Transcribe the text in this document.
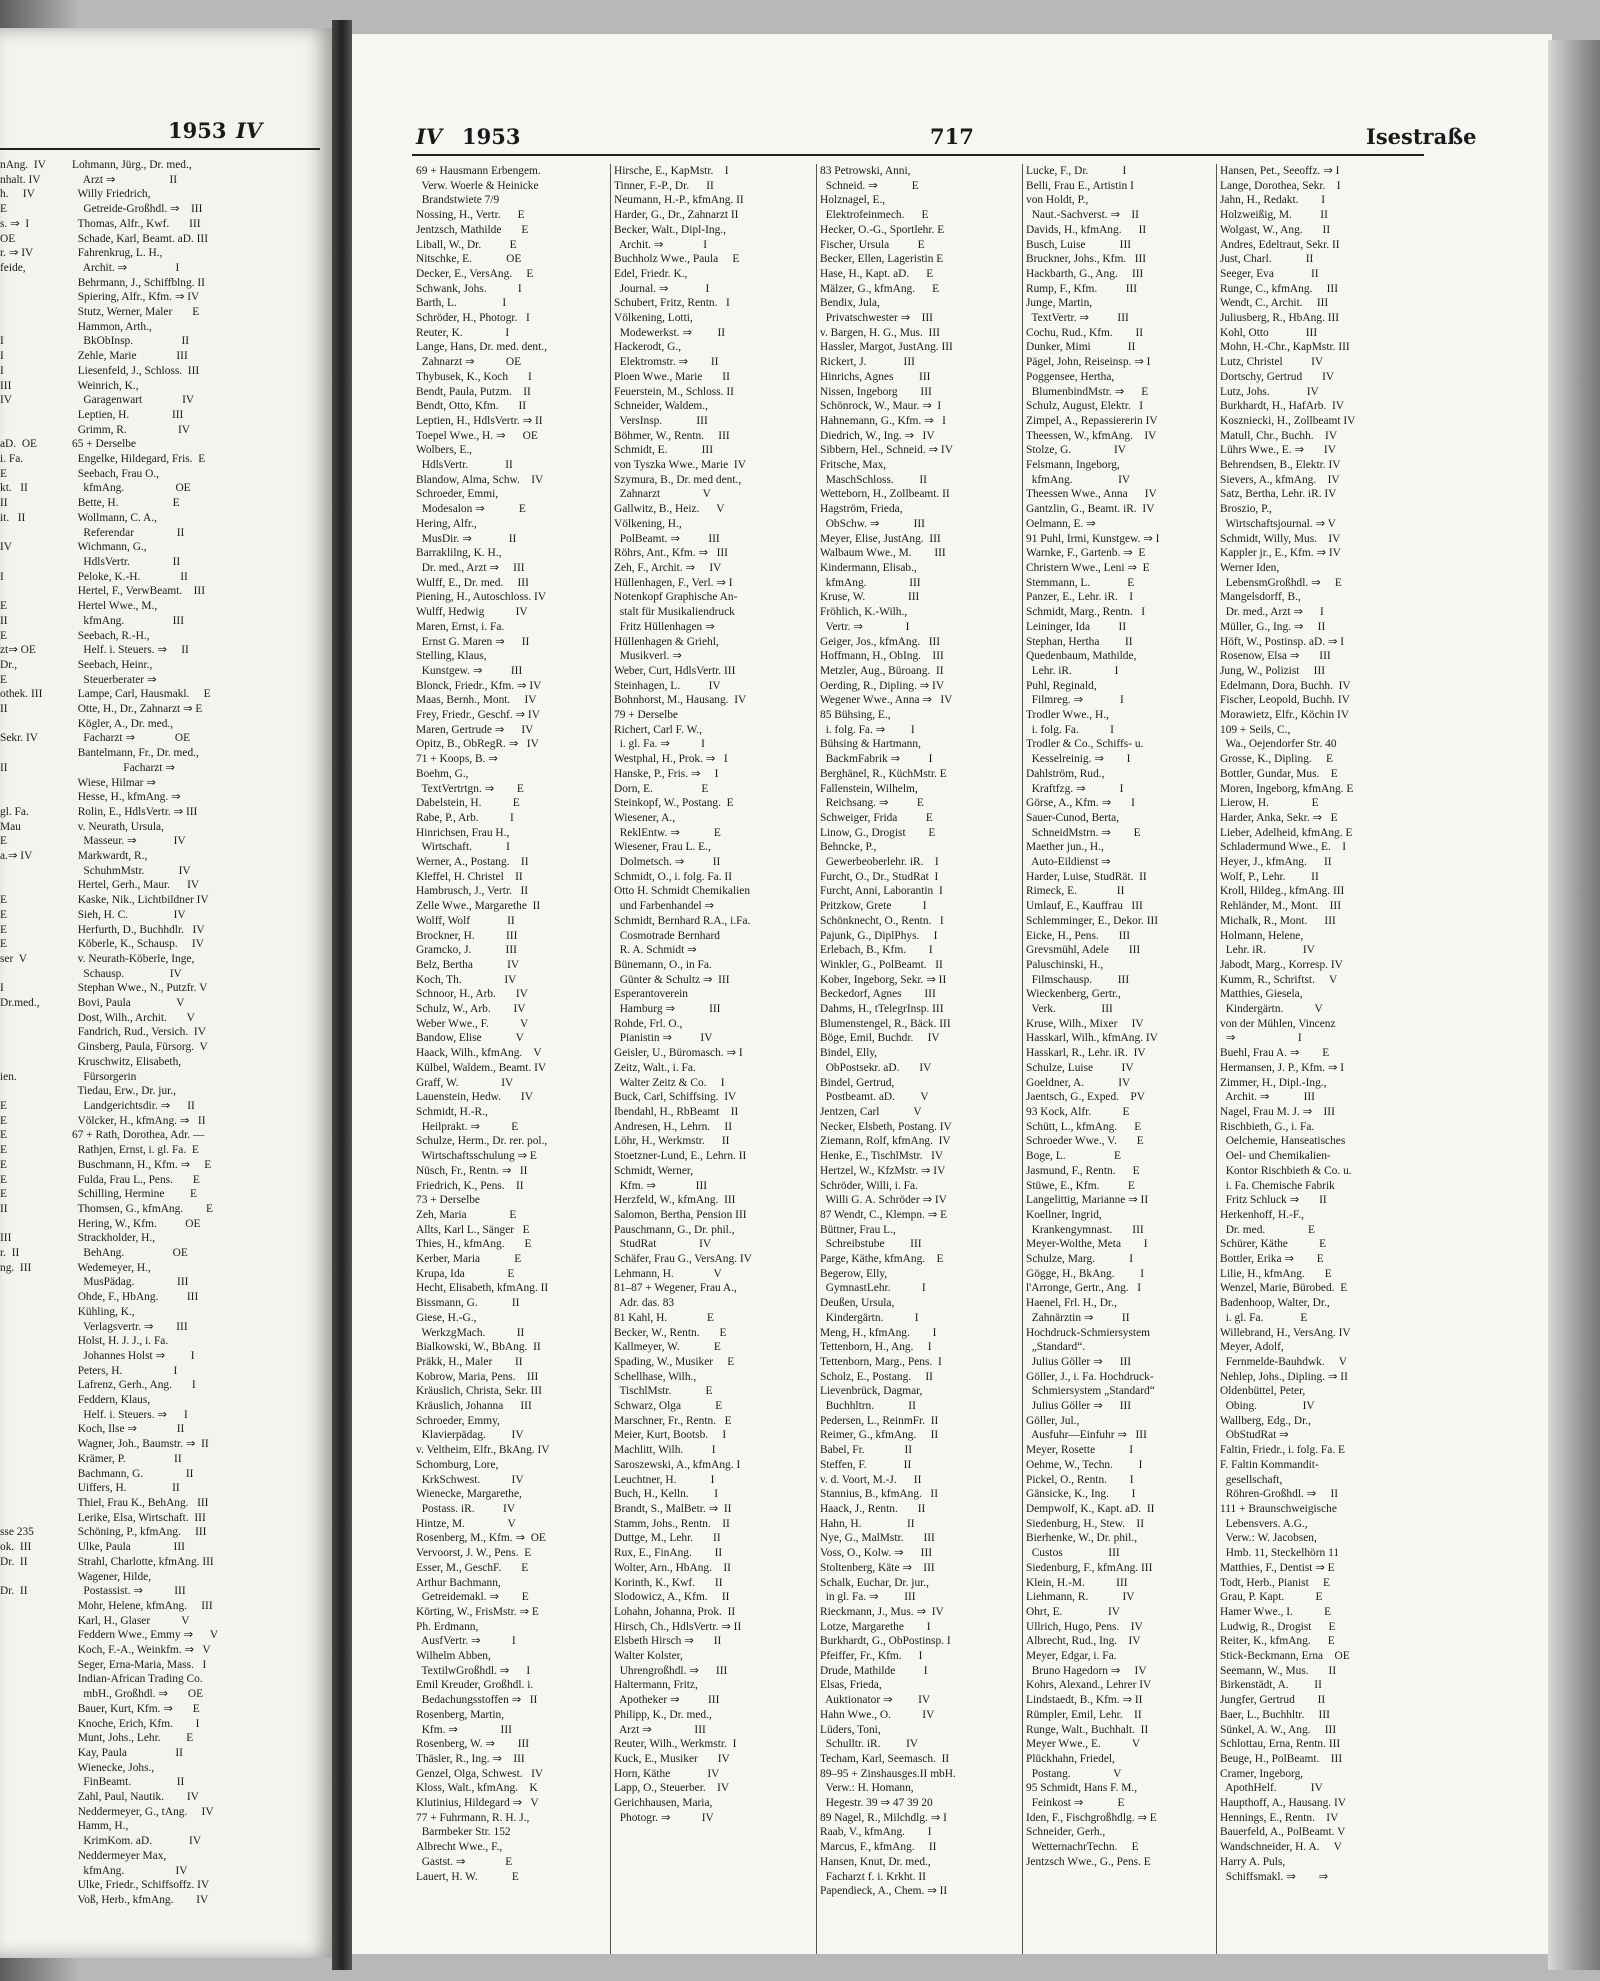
1953 IV
nAng.  IV
nhalt. IV
h.     IV
E
s. ⇒  I
OE
r. ⇒ IV
feide,

I
I
I
III
IV

aD.  OE
i. Fa.
E
kt.   II
II
it.   II

IV

I

E
II
E
zt⇒ OE
Dr.,
E
othek. III
II

Sekr. IV

II

gl. Fa.
Mau
E
a.⇒ IV

E
E
E
E
ser  V

I
Dr.med.,

ien.

E
E
E
E
E
E
E
II

III
r.  II
ng.  III

sse 235
ok.  III
Dr.  II

Dr.  II

Lohmann, Jürg., Dr. med.,
Arzt ⇒                   II
Willy Friedrich,
Getreide-Großhdl. ⇒    III
Thomas, Alfr., Kwf.       III
Schade, Karl, Beamt. aD. III
Fahrenkrug, L. H.,
Archit. ⇒                 I
Behrmann, J., Schiffblng. II
Spiering, Alfr., Kfm. ⇒ IV
Stutz, Werner, Maler       E
Hammon, Arth.,
BkObInsp.                 II
Zehle, Marie              III
Liesenfeld, J., Schloss.  III
Weinrich, K.,
Garagenwart              IV
Leptien, H.               III
Grimm, R.                  IV
65 + Derselbe
Engelke, Hildegard, Fris.  E
Seebach, Frau O.,
kfmAng.                  OE
Bette, H.                   E
Wollmann, C. A.,
Referendar               II
Wichmann, G.,
HdlsVertr.               II
Peloke, K.-H.              II
Hertel, F., VerwBeamt.    III
Hertel Wwe., M.,
kfmAng.                 III
Seebach, R.-H.,
Helf. i. Steuers. ⇒     II
Seebach, Heinr.,
Steuerberater ⇒
Lampe, Carl, Hausmakl.     E
Otte, H., Dr., Zahnarzt ⇒ E
Kögler, A., Dr. med.,
Facharzt ⇒              OE
Bantelmann, Fr., Dr. med.,
Facharzt ⇒
Wiese, Hilmar ⇒
Hesse, H., kfmAng. ⇒
Rolin, E., HdlsVertr. ⇒ III
v. Neurath, Ursula,
Masseur. ⇒             IV
Markwardt, R.,
SchuhmMstr.            IV
Hertel, Gerh., Maur.      IV
Kaske, Nik., Lichtbildner IV
Sieh, H. C.                IV
Herfurth, D., Buchhdlr.   IV
Köberle, K., Schausp.     IV
v. Neurath-Köberle, Inge,
Schausp.                IV
Stephan Wwe., N., Putzfr. V
Bovi, Paula                V
Dost, Wilh., Archit.       V
Fandrich, Rud., Versich.  IV
Ginsberg, Paula, Fürsorg.  V
Kruschwitz, Elisabeth,
Fürsorgerin
Tiedau, Erw., Dr. jur.,
Landgerichtsdir. ⇒      II
Völcker, H., kfmAng. ⇒   II
67 + Rath, Dorothea, Adr. —
Rathjen, Ernst, i. gl. Fa.  E
Buschmann, H., Kfm. ⇒     E
Fulda, Frau L., Pens.       E
Schilling, Hermine         E
Thomsen, G., kfmAng.        E
Hering, W., Kfm.          OE
Strackholder, H.,
BehAng.                 OE
Wedemeyer, H.,
MusPädag.               III
Ohde, F., HbAng.          III
Kühling, K.,
Verlagsvertr. ⇒        III
Holst, H. J. J., i. Fa.
Johannes Holst ⇒         I
Peters, H.                  I
Lafrenz, Gerh., Ang.       I
Feddern, Klaus,
Helf. i. Steuers. ⇒      I
Koch, Ilse ⇒              II
Wagner, Joh., Baumstr. ⇒  II
Krämer, P.                 II
Bachmann, G.               II
Uiffers, H.                II
Thiel, Frau K., BehAng.   III
Lerike, Elsa, Wirtschaft.  III
Schöning, P., kfmAng.     III
Ulke, Paula               III
Strahl, Charlotte, kfmAng. III
Wagener, Hilde,
Postassist. ⇒           III
Mohr, Helene, kfmAng.     III
Karl, H., Glaser           V
Feddern Wwe., Emmy ⇒      V
Koch, F.-A., Weinkfm. ⇒   V
Seger, Erna-Maria, Mass.   I
Indian-African Trading Co.
mbH., Großhdl. ⇒       OE
Bauer, Kurt, Kfm. ⇒       E
Knoche, Erich, Kfm.        I
Munt, Johs., Lehr.         E
Kay, Paula                 II
Wienecke, Johs.,
FinBeamt.                II
Zahl, Paul, Nautik.        IV
Neddermeyer, G., tAng.     IV
Hamm, H.,
KrimKom. aD.             IV
Neddermeyer Max,
kfmAng.                  IV
Ulke, Friedr., Schiffsoffz. IV
Voß, Herb., kfmAng.        IV
IV 1953	717	Isestraße
69 + Hausmann Erbengem.
Verw. Woerle & Heinicke
Brandstwiete 7/9
Nossing, H., Vertr.      E
Jentzsch, Mathilde       E
Liball, W., Dr.          E
Nitschke, E.            OE
Decker, E., VersAng.     E
Schwank, Johs.           I
Barth, L.                I
Schröder, H., Photogr.   I
Reuter, K.               I
Lange, Hans, Dr. med. dent.,
Zahnarzt ⇒           OE
Thybusek, K., Koch       I
Bendt, Paula, Putzm.    II
Bendt, Otto, Kfm.       II
Leptien, H., HdlsVertr. ⇒ II
Toepel Wwe., H. ⇒      OE
Wolbers, E.,
HdlsVertr.             II
Blandow, Alma, Schw.    IV
Schroeder, Emmi,
Modesalon ⇒            E
Hering, Alfr.,
MusDir. ⇒             II
Barraklilng, K. H.,
Dr. med., Arzt ⇒     III
Wulff, E., Dr. med.     III
Piening, H., Autoschloss. IV
Wulff, Hedwig           IV
Maren, Ernst, i. Fa.
Ernst G. Maren ⇒      II
Stelling, Klaus,
Kunstgew. ⇒          III
Blonck, Friedr., Kfm. ⇒ IV
Maas, Bernh., Mont.     IV
Frey, Friedr., Geschf. ⇒ IV
Maren, Gertrude ⇒      IV
Opitz, B., ObRegR. ⇒   IV
71 + Koops, B. ⇒
Boehm, G.,
TextVertrtgn. ⇒        E
Dabelstein, H.           E
Rabe, P., Arb.           I
Hinrichsen, Frau H.,
Wirtschaft.            I
Werner, A., Postang.    II
Kleffel, H. Christel    II
Hambrusch, J., Vertr.   II
Zelle Wwe., Margarethe  II
Wolff, Wolf             II
Brockner, H.           III
Gramcko, J.            III
Belz, Bertha            IV
Koch, Th.               IV
Schnoor, H., Arb.       IV
Schulz, W., Arb.        IV
Weber Wwe., F.           V
Bandow, Elise            V
Haack, Wilh., kfmAng.    V
Külbel, Waldem., Beamt. IV
Graff, W.               IV
Lauenstein, Hedw.       IV
Schmidt, H.-R.,
Heilprakt. ⇒           E
Schulze, Herm., Dr. rer. pol.,
Wirtschaftsschulung ⇒ E
Nüsch, Fr., Rentn. ⇒   II
Friedrich, K., Pens.    II
73 + Derselbe
Zeh, Maria               E
Allts, Karl L., Sänger   E
Thies, H., kfmAng.       E
Kerber, Maria            E
Krupa, Ida               E
Hecht, Elisabeth, kfmAng. II
Bissmann, G.            II
Giese, H.-G.,
WerkzgMach.           II
Bialkowski, W., BbAng.  II
Präkk, H., Maler        II
Kobrow, Maria, Pens.    III
Kräuslich, Christa, Sekr. III
Kräuslich, Johanna      III
Schroeder, Emmy,
Klavierpädag.         IV
v. Veltheim, Elfr., BkAng. IV
Schomburg, Lore,
KrkSchwest.           IV
Wienecke, Margarethe,
Postass. iR.          IV
Hintze, M.               V
Rosenberg, M., Kfm. ⇒  OE
Vervoorst, J. W., Pens.  E
Esser, M., GeschF.       E
Arthur Bachmann,
Getreidemakl. ⇒        E
Körting, W., FrisMstr. ⇒ E
Ph. Erdmann,
AusfVertr. ⇒           I
Wilhelm Abben,
TextilwGroßhdl. ⇒      I
Emil Kreuder, Großhdl. i.
Bedachungsstoffen ⇒   II
Rosenberg, Martin,
Kfm. ⇒               III
Rosenberg, W. ⇒        III
Thäsler, R., Ing. ⇒    III
Genzel, Olga, Schwest.   IV
Kloss, Walt., kfmAng.    K
Klutinius, Hildegard ⇒   V
77 + Fuhrmann, R. H. J.,
Barmbeker Str. 152
Albrecht Wwe., F.,
Gastst. ⇒              E
Lauert, H. W.            E
Hirsche, E., KapMstr.    I
Tinner, F.-P., Dr.      II
Neumann, H.-P., kfmAng. II
Harder, G., Dr., Zahnarzt II
Becker, Walt., Dipl-Ing.,
Archit. ⇒              I
Buchholz Wwe., Paula     E
Edel, Friedr. K.,
Journal. ⇒             I
Schubert, Fritz, Rentn.   I
Völkening, Lotti,
Modewerkst. ⇒         II
Hackerodt, G.,
Elektromstr. ⇒        II
Ploen Wwe., Marie       II
Feuerstein, M., Schloss. II
Schneider, Waldem.,
VersInsp.            III
Böhmer, W., Rentn.     III
Schmidt, E.            III
von Tyszka Wwe., Marie  IV
Szymura, B., Dr. med dent.,
Zahnarzt               V
Gallwitz, B., Heiz.      V
Völkening, H.,
PolBeamt. ⇒          III
Röhrs, Ant., Kfm. ⇒   III
Zeh, F., Archit. ⇒     IV
Hüllenhagen, F., Verl. ⇒ I
Notenkopf Graphische An-
stalt für Musikaliendruck
Fritz Hüllenhagen ⇒
Hüllenhagen & Griehl,
Musikverl. ⇒
Weber, Curt, HdlsVertr. III
Steinhagen, L.          IV
Bohnhorst, M., Hausang.  IV
79 + Derselbe
Richert, Carl F. W.,
i. gl. Fa. ⇒           I
Westphal, H., Prok. ⇒   I
Hanske, P., Fris. ⇒     I
Dorn, E.                 E
Steinkopf, W., Postang.  E
Wiesener, A.,
ReklEntw. ⇒            E
Wiesener, Frau L. E.,
Dolmetsch. ⇒          II
Schmidt, O., i. folg. Fa. II
Otto H. Schmidt Chemikalien
und Farbenhandel ⇒
Schmidt, Bernhard R.A., i.Fa.
Cosmotrade Bernhard
R. A. Schmidt ⇒
Bünemann, O., in Fa.
Günter & Schultz ⇒  III
Esperantoverein
Hamburg ⇒            III
Rohde, Frl. O.,
Pianistin ⇒          IV
Geisler, U., Büromasch. ⇒ I
Zeitz, Walt., i. Fa.
Walter Zeitz & Co.     I
Buck, Carl, Schiffsing.  IV
Ibendahl, H., RbBeamt    II
Andresen, H., Lehrn.     II
Löhr, H., Werkmstr.      II
Stoetzner-Lund, E., Lehrn. II
Schmidt, Werner,
Kfm. ⇒              III
Herzfeld, W., kfmAng.  III
Salomon, Bertha, Pension III
Pauschmann, G., Dr. phil.,
StudRat               IV
Schäfer, Frau G., VersAng. IV
Lehmann, H.              V
81–87 + Wegener, Frau A.,
Adr. das. 83
81 Kahl, H.              E
Becker, W., Rentn.       E
Kallmeyer, W.            E
Spading, W., Musiker     E
Schellhase, Wilh.,
TischlMstr.            E
Schwarz, Olga            E
Marschner, Fr., Rentn.   E
Meier, Kurt, Bootsb.     I
Machlitt, Wilh.          I
Saroszewski, A., kfmAng. I
Leuchtner, H.            I
Buch, H., Kelln.         I
Brandt, S., MalBetr. ⇒  II
Stamm, Johs., Rentn.    II
Duttge, M., Lehr.       II
Rux, E., FinAng.        II
Wolter, Arn., HbAng.    II
Korinth, K., Kwf.       II
Slodowicz, A., Kfm.     II
Lohahn, Johanna, Prok.  II
Hirsch, Ch., HdlsVertr. ⇒ II
Elsbeth Hirsch ⇒       II
Walter Kolster,
Uhrengroßhdl. ⇒      III
Haltermann, Fritz,
Apotheker ⇒          III
Philipp, K., Dr. med.,
Arzt ⇒               III
Reuter, Wilh., Werkmstr.  I
Kuck, E., Musiker       IV
Horn, Käthe             IV
Lapp, O., Steuerber.    IV
Gerichhausen, Maria,
Photogr. ⇒           IV
83 Petrowski, Anni,
Schneid. ⇒            E
Holznagel, E.,
Elektrofeinmech.      E
Hecker, O.-G., Sportlehr. E
Fischer, Ursula          E
Becker, Ellen, Lageristin E
Hase, H., Kapt. aD.      E
Mälzer, G., kfmAng.      E
Bendix, Jula,
Privatschwester ⇒    III
v. Bargen, H. G., Mus.  III
Hassler, Margot, JustAng. III
Rickert, J.             III
Hinrichs, Agnes         III
Nissen, Ingeborg        III
Schönrock, W., Maur. ⇒  I
Hahnemann, G., Kfm. ⇒   I
Diedrich, W., Ing. ⇒   IV
Sibbern, Hel., Schneid. ⇒ IV
Fritsche, Max,
MaschSchloss.         II
Wetteborn, H., Zollbeamt. II
Hagström, Frieda,
ObSchw. ⇒            III
Meyer, Elise, JustAng.  III
Walbaum Wwe., M.        III
Kindermann, Elisab.,
kfmAng.               III
Kruse, W.               III
Fröhlich, K.-Wilh.,
Vertr. ⇒               I
Geiger, Jos., kfmAng.   III
Hoffmann, H., ObIng.    III
Metzler, Aug., Büroang.  II
Oerding, R., Dipling. ⇒ IV
Wegener Wwe., Anna ⇒   IV
85 Bühsing, E.,
i. folg. Fa. ⇒         I
Bühsing & Hartmann,
BackmFabrik ⇒          I
Berghänel, R., KüchMstr. E
Fallenstein, Wilhelm,
Reichsang. ⇒          E
Schweiger, Frida          E
Linow, G., Drogist        E
Behncke, P.,
Gewerbeoberlehr. iR.    I
Furcht, O., Dr., StudRat  I
Furcht, Anni, Laborantin  I
Pritzkow, Grete           I
Schönknecht, O., Rentn.   I
Pajunk, G., DiplPhys.     I
Erlebach, B., Kfm.        I
Winkler, G., PolBeamt.   II
Kober, Ingeborg, Sekr. ⇒ II
Beckedorf, Agnes        III
Dahms, H., tTelegrInsp. III
Blumenstengel, R., Bäck. III
Böge, Emil, Buchdr.     IV
Bindel, Elly,
ObPostsekr. aD.       IV
Bindel, Gertrud,
Postbeamt. aD.         V
Jentzen, Carl            V
Necker, Elsbeth, Postang. IV
Ziemann, Rolf, kfmAng.  IV
Henke, E., TischlMstr.   IV
Hertzel, W., KfzMstr. ⇒ IV
Schröder, Willi, i. Fa.
Willi G. A. Schröder ⇒ IV
87 Wendt, C., Klempn. ⇒ E
Büttner, Frau L.,
Schreibstube         III
Parge, Käthe, kfmAng.    E
Begerow, Elly,
GymnastLehr.           I
Deußen, Ursula,
Kindergärtn.           I
Meng, H., kfmAng.        I
Tettenborn, H., Ang.     I
Tettenborn, Marg., Pens.  I
Scholz, E., Postang.     II
Lievenbrück, Dagmar,
Buchhltrn.            II
Pedersen, L., ReinmFr.  II
Reimer, G., kfmAng.     II
Babel, Fr.              II
Steffen, F.             II
v. d. Voort, M.-J.      II
Stannius, B., kfmAng.   II
Haack, J., Rentn.       II
Hahn, H.                II
Nye, G., MalMstr.       III
Voss, O., Kolw. ⇒      III
Stoltenberg, Käte ⇒    III
Schalk, Euchar, Dr. jur.,
in gl. Fa. ⇒         III
Rieckmann, J., Mus. ⇒  IV
Lotze, Margarethe        I
Burkhardt, G., ObPostinsp. I
Pfeiffer, Fr., Kfm.      I
Drude, Mathilde          I
Elsas, Frieda,
Auktionator ⇒         IV
Hahn Wwe., O.           IV
Lüders, Toni,
Schulltr. iR.         IV
Techam, Karl, Seemasch.  II
89–95 + Zinshausges.II mbH.
Verw.: H. Homann,
Hegestr. 39 ⇒ 47 39 20
89 Nagel, R., Milchdlg. ⇒ I
Raab, V., kfmAng.        I
Marcus, F., kfmAng.     II
Hansen, Knut, Dr. med.,
Facharzt f. i. Krkht. II
Papendieck, A., Chem. ⇒ II
Lucke, F., Dr.            I
Belli, Frau E., Artistin I
von Holdt, P.,
Naut.-Sachverst. ⇒    II
Davids, H., kfmAng.      II
Busch, Luise            III
Bruckner, Johs., Kfm.   III
Hackbarth, G., Ang.     III
Rump, F., Kfm.          III
Junge, Martin,
TextVertr. ⇒          III
Cochu, Rud., Kfm.        II
Dunker, Mimi             II
Pägel, John, Reiseinsp. ⇒ I
Poggensee, Hertha,
BlumenbindMstr. ⇒      E
Schulz, August, Elektr.   I
Zimpel, A., Repassiererin IV
Theessen, W., kfmAng.    IV
Stolze, G.               IV
Felsmann, Ingeborg,
kfmAng.                IV
Theessen Wwe., Anna      IV
Gantzlin, G., Beamt. iR.  IV
Oelmann, E. ⇒
91 Puhl, Irmi, Kunstgew. ⇒ I
Warnke, F., Gartenb. ⇒  E
Christern Wwe., Leni ⇒  E
Stemmann, L.             E
Panzer, E., Lehr. iR.    I
Schmidt, Marg., Rentn.   I
Leininger, Ida          II
Stephan, Hertha         II
Quedenbaum, Mathilde,
Lehr. iR.               I
Puhl, Reginald,
Filmreg. ⇒             I
Trodler Wwe., H.,
i. folg. Fa.           I
Trodler & Co., Schiffs- u.
Kesselreinig. ⇒        I
Dahlström, Rud.,
Kraftfzg. ⇒            I
Görse, A., Kfm. ⇒       I
Sauer-Cunod, Berta,
SchneidMstrn. ⇒        E
Maether jun., H.,
Auto-Eildienst ⇒
Harder, Luise, StudRät.  II
Rimeck, E.              II
Umlauf, E., Kauffrau   III
Schlemminger, E., Dekor. III
Eicke, H., Pens.       III
Grevsmühl, Adele       III
Paluschinski, H.,
Filmschausp.         III
Wieckenberg, Gertr.,
Verk.                III
Kruse, Wilh., Mixer     IV
Hasskarl, Wilh., kfmAng. IV
Hasskarl, R., Lehr. iR.  IV
Schulze, Luise          IV
Goeldner, A.            IV
Jaentsch, G., Exped.    PV
93 Kock, Alfr.           E
Schütt, L., kfmAng.      E
Schroeder Wwe., V.       E
Boge, L.                 E
Jasmund, F., Rentn.      E
Stüwe, E., Kfm.          E
Langelittig, Marianne ⇒ II
Koellner, Ingrid,
Krankengymnast.       III
Meyer-Wolthe, Meta        I
Schulze, Marg.            I
Gögge, H., BkAng.         I
l'Arronge, Gertr., Ang.   I
Haenel, Frl. H., Dr.,
Zahnärztin ⇒          II
Hochdruck-Schmiersystem
„Standard“.
Julius Göller ⇒      III
Göller, J., i. Fa. Hochdruck-
Schmiersystem „Standard“
Julius Göller ⇒      III
Göller, Jul.,
Ausfuhr—Einfuhr ⇒   III
Meyer, Rosette            I
Oehme, W., Techn.         I
Pickel, O., Rentn.        I
Gänsicke, K., Ing.        I
Dempwolf, K., Kapt. aD.  II
Siedenburg, H., Stew.    II
Bierhenke, W., Dr. phil.,
Custos                III
Siedenburg, F., kfmAng. III
Klein, H.-M.           III
Liehmann, R.            IV
Ohrt, E.                IV
Ullrich, Hugo, Pens.    IV
Albrecht, Rud., Ing.    IV
Meyer, Edgar, i. Fa.
Bruno Hagedorn ⇒     IV
Kohrs, Alexand., Lehrer IV
Lindstaedt, B., Kfm. ⇒ II
Rümpler, Emil, Lehr.    II
Runge, Walt., Buchhalt.  II
Meyer Wwe., E.           V
Plückhahn, Friedel,
Postang.               V
95 Schmidt, Hans F. M.,
Feinkost ⇒            E
Iden, F., Fischgroßhdlg. ⇒ E
Schneider, Gerh.,
WetternachrTechn.     E
Jentzsch Wwe., G., Pens. E
Hansen, Pet., Seeoffz. ⇒ I
Lange, Dorothea, Sekr.    I
Jahn, H., Redakt.        I
Holzweißig, M.          II
Wolgast, W., Ang.       II
Andres, Edeltraut, Sekr. II
Just, Charl.            II
Seeger, Eva             II
Runge, C., kfmAng.     III
Wendt, C., Archit.     III
Juliusberg, R., HbAng. III
Kohl, Otto             III
Mohn, H.-Chr., KapMstr. III
Lutz, Christel          IV
Dortschy, Gertrud       IV
Lutz, Johs.             IV
Burkhardt, H., HafArb.  IV
Koszniecki, H., Zollbeamt IV
Matull, Chr., Buchh.    IV
Lührs Wwe., E. ⇒       IV
Behrendsen, B., Elektr. IV
Sievers, A., kfmAng.    IV
Satz, Bertha, Lehr. iR. IV
Broszio, P.,
Wirtschaftsjournal. ⇒ V
Schmidt, Willy, Mus.    IV
Kappler jr., E., Kfm. ⇒ IV
Werner Iden,
LebensmGroßhdl. ⇒     E
Mangelsdorff, B.,
Dr. med., Arzt ⇒      I
Müller, G., Ing. ⇒     II
Höft, W., Postinsp. aD. ⇒ I
Rosenow, Elsa ⇒       III
Jung, W., Polizist     III
Edelmann, Dora, Buchh.  IV
Fischer, Leopold, Buchh. IV
Morawietz, Elfr., Köchin IV
109 + Seils, C.,
Wa., Oejendorfer Str. 40
Grosse, K., Dipling.     E
Bottler, Gundar, Mus.    E
Moren, Ingeborg, kfmAng. E
Lierow, H.               E
Harder, Anka, Sekr. ⇒   E
Lieber, Adelheid, kfmAng. E
Schladermund Wwe., E.    I
Heyer, J., kfmAng.      II
Wolf, P., Lehr.         II
Kroll, Hildeg., kfmAng. III
Rehländer, M., Mont.    III
Michalk, R., Mont.      III
Holmann, Helene,
Lehr. iR.             IV
Jabodt, Marg., Korresp. IV
Kumm, R., Schriftst.     V
Matthies, Giesela,
Kindergärtn.           V
von der Mühlen, Vincenz
⇒                      I
Buehl, Frau A. ⇒        E
Hermansen, J. P., Kfm. ⇒ I
Zimmer, H., Dipl.-Ing.,
Archit. ⇒            III
Nagel, Frau M. J. ⇒    III
Rischbieth, G., i. Fa.
Oelchemie, Hanseatisches
Oel- und Chemikalien-
Kontor Rischbieth & Co. u.
i. Fa. Chemische Fabrik
Fritz Schluck ⇒       II
Herkenhoff, H.-F.,
Dr. med.               E
Schürer, Käthe           E
Bottler, Erika ⇒        E
Lilie, H., kfmAng.       E
Wenzel, Marie, Bürobed.  E
Badenhoop, Walter, Dr.,
i. gl. Fa.             E
Willebrand, H., VersAng. IV
Meyer, Adolf,
Fernmelde-Bauhdwk.     V
Nehlep, Johs., Dipling. ⇒ II
Oldenbüttel, Peter,
Obing.                IV
Wallberg, Edg., Dr.,
ObStudRat ⇒
Faltin, Friedr., i. folg. Fa. E
F. Faltin Kommandit-
gesellschaft,
Röhren-Großhdl. ⇒     II
111 + Braunschweigische
Lebensvers. A.G.,
Verw.: W. Jacobsen,
Hmb. 11, Steckelhörn 11
Matthies, F., Dentist ⇒ E
Todt, Herb., Pianist     E
Grau, P. Kapt.           E
Hamer Wwe., I.           E
Ludwig, R., Drogist      E
Reiter, K., kfmAng.      E
Stick-Beckmann, Erna    OE
Seemann, W., Mus.       II
Birkenstädt, A.         II
Jungfer, Gertrud        II
Baer, L., Buchhltr.     III
Sünkel, A. W., Ang.     III
Schlottau, Erna, Rentn. III
Beuge, H., PolBeamt.    III
Cramer, Ingeborg,
ApothHelf.            IV
Haupthoff, A., Hausang. IV
Hennings, E., Rentn.    IV
Bauerfeld, A., PolBeamt. V
Wandschneider, H. A.     V
Harry A. Puls,
Schiffsmakl. ⇒        ⇒
